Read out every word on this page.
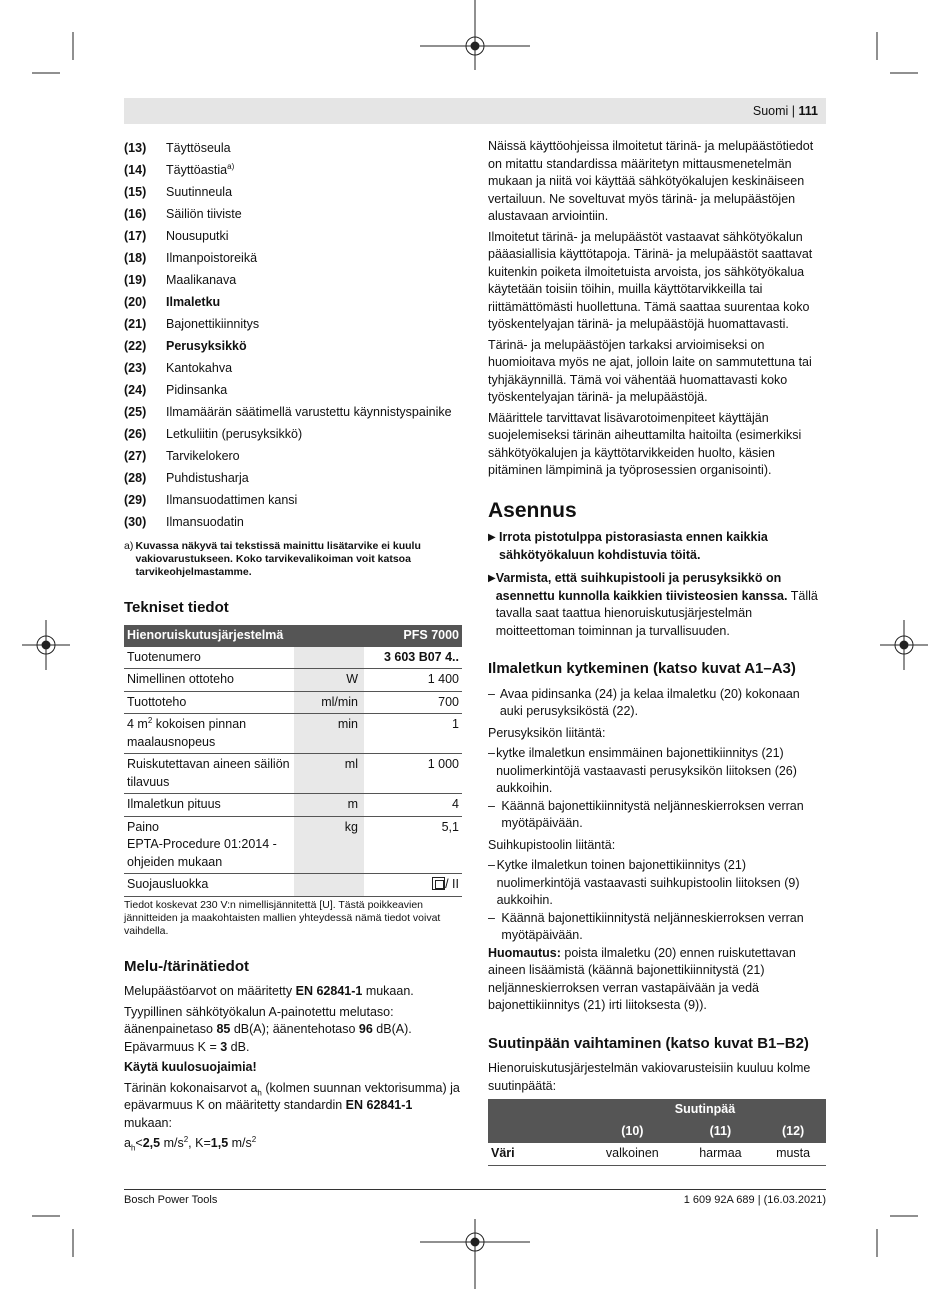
Suomi | 111
(13)	Täyttöseula
(14)	Täyttöastia$^{a)}$
(15)	Suutinneula
(16)	Säiliön tiiviste
(17)	Nousuputki
(18)	Ilmanpoistoreikä
(19)	Maalikanava
(20)	Ilmaletku
(21)	Bajonettikiinnitys
(22)	Perusyksikkö
(23)	Kantokahva
(24)	Pidinsanka
(25)	Ilmamäärän säätimellä varustettu käynnistyspainike
(26)	Letkuliitin (perusyksikkö)
(27)	Tarvikelokero
(28)	Puhdistusharja
(29)	Ilmansuodattimen kansi
(30)	Ilmansuodatin
a) Kuvassa näkyvä tai tekstissä mainittu lisätarvike ei kuulu vakiovarustukseen. Koko tarvikevalikoiman voit katsoa tarvikeohjelmastamme.
Tekniset tiedot
Hienoruiskutusjärjestelmä		PFS 7000
Tuotenumero		3 603 B07 4..
Nimellinen ottoteho	W	1 400
Tuottoteho	ml/min	700
4 $m^2$ kokoisen pinnan maalausnopeus	min	1
Ruiskutettavan aineen säiliön tilavuus	ml	1 000
Ilmaletkun pituus	m	4

Paino
EPTA-Procedure 01:2014 -ohjeiden mukaan	kg	5,1
Suojausluokka		/ II
Tiedot koskevat 230 V:n nimellisjännitettä [U]. Tästä poikkeavien jännitteiden ja maakohtaisten mallien yhteydessä nämä tiedot voivat vaihdella.
Melu-/tärinätiedot

Melupäästöarvot on määritetty EN 62841-1 mukaan.

Tyypillinen sähkötyökalun A-painotettu melutaso: äänenpainetaso 85 dB(A); äänentehotaso 96 dB(A). Epävarmuus K = 3 dB.

Käytä kuulosuojaimia!

Tärinän kokonaisarvot $a_h$ (kolmen suunnan vektorisumma) ja epävarmuus K on määritetty standardin EN 62841-1 mukaan:

$a_h<2,5$ $m/s^2$, K=1,5 $m/s^2$

Näissä käyttöohjeissa ilmoitetut tärinä- ja melupäästötiedot on mitattu standardissa määritetyn mittausmenetelmän mukaan ja niitä voi käyttää sähkötyökalujen keskinäiseen vertailuun. Ne soveltuvat myös tärinä- ja melupäästöjen alustavaan arviointiin.

Ilmoitetut tärinä- ja melupäästöt vastaavat sähkötyökalun pääasiallisia käyttötapoja. Tärinä- ja melupäästöt saattavat kuitenkin poiketa ilmoitetuista arvoista, jos sähkötyökalua käytetään toisiin töihin, muilla käyttötarvikkeilla tai riittämättömästi huollettuna. Tämä saattaa suurentaa koko työskentelyajan tärinä- ja melupäästöjä huomattavasti.

Tärinä- ja melupäästöjen tarkaksi arvioimiseksi on huomioitava myös ne ajat, jolloin laite on sammutettuna tai tyhjäkäynnillä. Tämä voi vähentää huomattavasti koko työskentelyajan tärinä- ja melupäästöjä.

Määrittele tarvittavat lisävarotoimenpiteet käyttäjän suojelemiseksi tärinän aiheuttamilta haitoilta (esimerkiksi sähkötyökalujen ja käyttötarvikkeiden huolto, käsien pitäminen lämpiminä ja työprosessien organisointi).

Asennus
▶ Irrota pistotulppa pistorasiasta ennen kaikkia sähkötyökaluun kohdistuvia töitä.
▶ Varmista, että suihkupistooli ja perusyksikkö on asennettu kunnolla kaikkien tiivisteosien kanssa. Tällä tavalla saat taattua hienoruiskutusjärjestelmän moitteettoman toiminnan ja turvallisuuden.
Ilmaletkun kytkeminen (katso kuvat A1–A3)
– Avaa pidinsanka (24) ja kelaa ilmaletku (20) kokonaan auki perusyksiköstä (22).

Perusyksikön liitäntä:

– kytke ilmaletkun ensimmäinen bajonettikiinnitys (21) nuolimerkintöjä vastaavasti perusyksikön liitoksen (26) aukkoihin.
– Käännä bajonettikiinnitystä neljänneskierroksen verran myötäpäivään.

Suihkupistoolin liitäntä:

– Kytke ilmaletkun toinen bajonettikiinnitys (21) nuolimerkintöjä vastaavasti suihkupistoolin liitoksen (9) aukkoihin.
– Käännä bajonettikiinnitystä neljänneskierroksen verran myötäpäivään.

Huomautus: poista ilmaletku (20) ennen ruiskutettavan aineen lisäämistä (käännä bajonettikiinnitystä (21) neljänneskierroksen verran vastapäivään ja vedä bajonettikiinnitys (21) irti liitoksesta (9)).

Suutinpään vaihtaminen (katso kuvat B1–B2)

Hienoruiskutusjärjestelmän vakiovarusteisiin kuuluu kolme suutinpäätä:

	Suutinpää		
	(10)	(11)	(12)
Väri	valkoinen	harmaa	musta
Bosch Power Tools	1 609 92A 689 | (16.03.2021)
